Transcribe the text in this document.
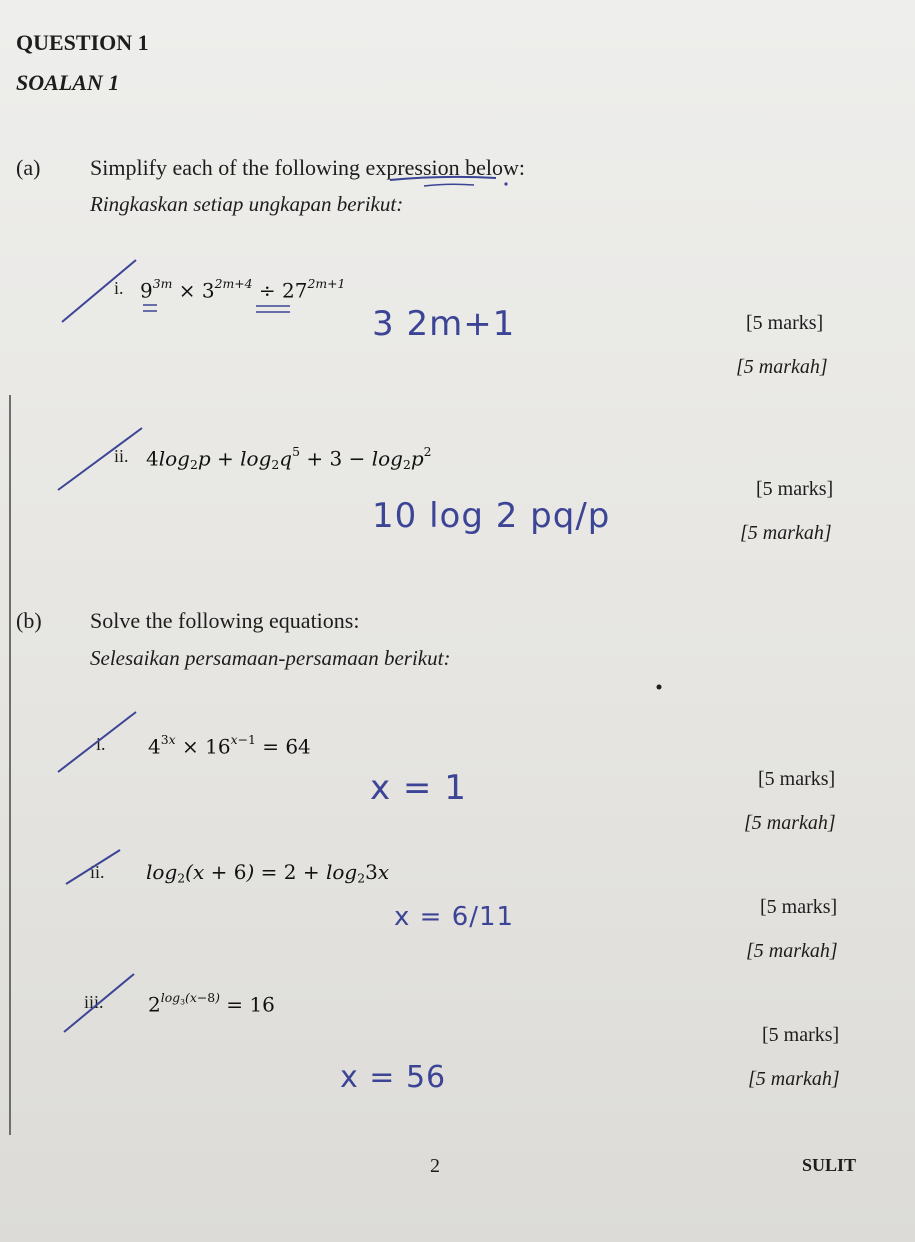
QUESTION 1
SOALAN 1
(a) Simplify each of the following expression below:
Ringkaskan setiap ungkapan berikut:
i. $9^{3m} \times 3^{2m+4} \div 27^{2m+1}$
3 2m+1	[5 marks]
[5 markah]
ii. $4\log_2p + \log_2q^5 + 3 - \log_2p^2$
10 log 2 pq/p
[5 marks]
[5 markah]
(b) Solve the following equations:
Selesaikan persamaan-persamaan berikut:
i. $4^{3x} \times 16^{x-1} = 64$
x = 1	[5 marks]
[5 markah]
ii. $\log_2(x + 6) = 2 + \log_23x$
x = 6/11	[5 marks]
[5 markah]
iii. $2^{log_3(x-8)} = 16$
x = 56
[5 marks]
[5 markah]
2	SULIT
